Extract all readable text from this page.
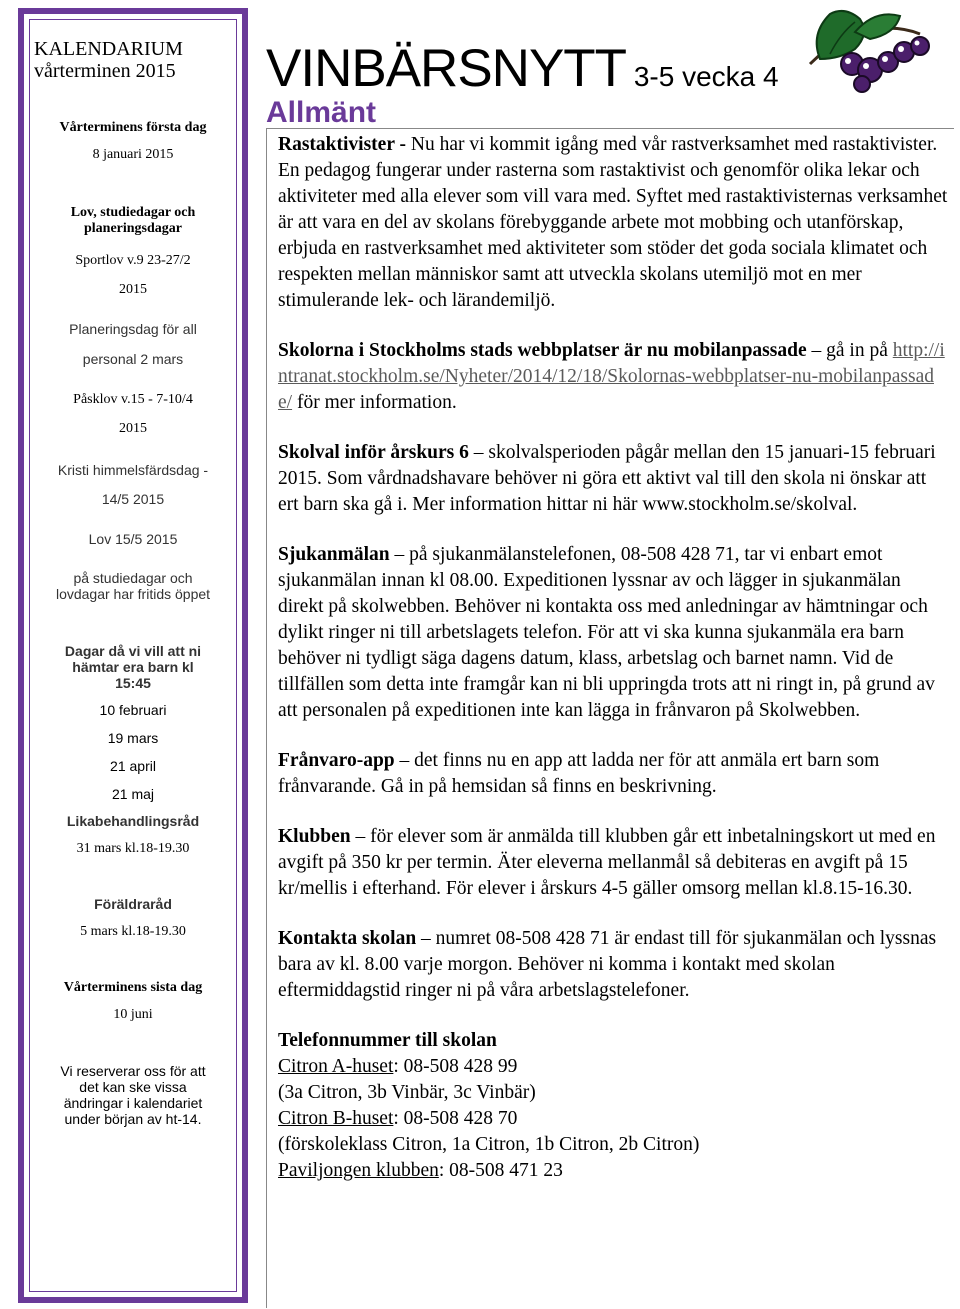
KALENDARIUM
vårterminen 2015
Vårterminens första dag
8 januari 2015
Lov, studiedagar och planeringsdagar
Sportlov v.9 23-27/2
2015
Planeringsdag för all
personal 2 mars
Påsklov v.15 - 7-10/4
2015
Kristi himmelsfärdsdag -
14/5 2015
Lov 15/5 2015
på studiedagar och
lovdagar har fritids öppet
Dagar då vi vill att ni
hämtar era barn kl
15:45
10 februari
19 mars
21 april
21 maj
Likabehandlingsråd
31 mars kl.18-19.30
Föräldraråd
5 mars kl.18-19.30
Vårterminens sista dag
10 juni
Vi reserverar oss för att
det kan ske vissa
ändringar i kalendariet
under början av ht-14.
VINBÄRSNYTT 3-5 vecka 4
Allmänt

Rastaktivister - Nu har vi kommit igång med vår rastverksamhet med rastaktivister. En pedagog fungerar under rasterna som rastaktivist och genomför olika lekar och aktiviteter med alla elever som vill vara med. Syftet med rastaktivisternas verksamhet är att vara en del av skolans förebyggande arbete mot mobbing och utanförskap, erbjuda en rastverksamhet med aktiviteter som stöder det goda sociala klimatet och respekten mellan människor samt att utveckla skolans utemiljö mot en mer stimulerande lek- och lärandemiljö.

Skolorna i Stockholms stads webbplatser är nu mobilanpassade – gå in på http://intranat.stockholm.se/Nyheter/2014/12/18/Skolornas-webbplatser-nu-mobilanpassade/ för mer information.

Skolval inför årskurs 6 – skolvalsperioden pågår mellan den 15 januari-15 februari 2015. Som vårdnadshavare behöver ni göra ett aktivt val till den skola ni önskar att ert barn ska gå i. Mer information hittar ni här www.stockholm.se/skolval.

Sjukanmälan – på sjukanmälanstelefonen, 08-508 428 71, tar vi enbart emot sjukanmälan innan kl 08.00. Expeditionen lyssnar av och lägger in sjukanmälan direkt på skolwebben. Behöver ni kontakta oss med anledningar av hämtningar och dylikt ringer ni till arbetslagets telefon. För att vi ska kunna sjukanmäla era barn behöver ni tydligt säga dagens datum, klass, arbetslag och barnet namn. Vid de tillfällen som detta inte framgår kan ni bli uppringda trots att ni ringt in, på grund av att personalen på expeditionen inte kan lägga in frånvaron på Skolwebben.

Frånvaro-app – det finns nu en app att ladda ner för att anmäla ert barn som frånvarande. Gå in på hemsidan så finns en beskrivning.

Klubben – för elever som är anmälda till klubben går ett inbetalningskort ut med en avgift på 350 kr per termin. Äter eleverna mellanmål så debiteras en avgift på 15 kr/mellis i efterhand. För elever i årskurs 4-5 gäller omsorg mellan kl.8.15-16.30.

Kontakta skolan – numret 08-508 428 71 är endast till för sjukanmälan och lyssnas bara av kl. 8.00 varje morgon. Behöver ni komma i kontakt med skolan eftermiddagstid ringer ni på våra arbetslagstelefoner.

Telefonnummer till skolan
Citron A-huset: 08-508 428 99
(3a Citron, 3b Vinbär, 3c Vinbär)
Citron B-huset: 08-508 428 70
(förskoleklass Citron, 1a Citron, 1b Citron, 2b Citron)
Paviljongen klubben: 08-508 471 23
